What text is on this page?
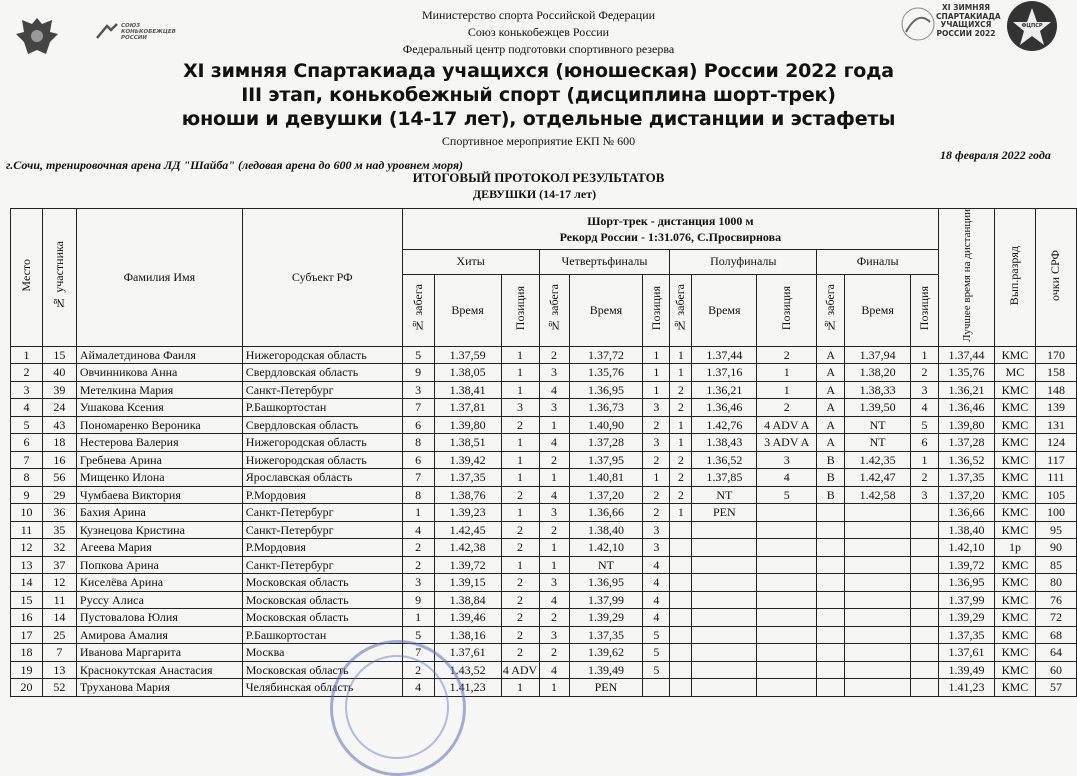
СОЮЗ КОНЬКОБЕЖЦЕВ РОССИИ
XI ЗИМНЯЯ СПАРТАКИАДА УЧАЩИХСЯ РОССИИ 2022
ФЦПСР
Министерство спорта Российской Федерации
Союз конькобежцев России
Федеральный центр подготовки спортивного резерва
XI зимняя Спартакиада учащихся (юношеская) России 2022 года
III этап, конькобежный спорт (дисциплина шорт-трек)
юноши и девушки (14-17 лет), отдельные дистанции и эстафеты
Спортивное мероприятие ЕКП № 600
18 февраля 2022 года
г.Сочи, тренировочная арена ЛД "Шайба" (ледовая арена до 600 м над уровнем моря)
ИТОГОВЫЙ ПРОТОКОЛ РЕЗУЛЬТАТОВ
ДЕВУШКИ (14-17 лет)
Место	№ участника	Фамилия Имя	Субъект РФ	Шорт-трек - дистанция 1000 м
Рекорд России - 1:31.076, С.Просвирнова												Лучшее время на дистанции	Вып.разряд	очки СРФ
				Хиты			Четвертьфиналы			Полуфиналы			Финалы					
				№ забега	Время	Позиция	№ забега	Время	Позиция	№ забега	Время	Позиция	№ забега	Время	Позиция			
1	15	Аймалетдинова Фаиля	Нижегородская область	5	1.37,59	1	2	1.37,72	1	1	1.37,44	2	A	1.37,94	1	1.37,44	КМС	170
2	40	Овчинникова Анна	Свердловская область	9	1.38,05	1	3	1.35,76	1	1	1.37,16	1	A	1.38,20	2	1.35,76	МС	158
3	39	Метелкина Мария	Санкт-Петербург	3	1.38,41	1	4	1.36,95	1	2	1.36,21	1	A	1.38,33	3	1.36,21	КМС	148
4	24	Ушакова Ксения	Р.Башкортостан	7	1.37,81	3	3	1.36,73	3	2	1.36,46	2	A	1.39,50	4	1.36,46	КМС	139
5	43	Пономаренко Вероника	Свердловская область	6	1.39,80	2	1	1.40,90	2	1	1.42,76	4 ADV A	A	NT	5	1.39,80	КМС	131
6	18	Нестерова Валерия	Нижегородская область	8	1.38,51	1	4	1.37,28	3	1	1.38,43	3 ADV A	A	NT	6	1.37,28	КМС	124
7	16	Гребнева Арина	Нижегородская область	6	1.39,42	1	2	1.37,95	2	2	1.36,52	3	B	1.42,35	1	1.36,52	КМС	117
8	56	Мищенко Илона	Ярославская область	7	1.37,35	1	1	1.40,81	1	2	1.37,85	4	B	1.42,47	2	1.37,35	КМС	111
9	29	Чумбаева Виктория	Р.Мордовия	8	1.38,76	2	4	1.37,20	2	2	NT	5	B	1.42,58	3	1.37,20	КМС	105
10	36	Бахия Арина	Санкт-Петербург	1	1.39,23	1	3	1.36,66	2	1	PEN					1.36,66	КМС	100
11	35	Кузнецова Кристина	Санкт-Петербург	4	1.42,45	2	2	1.38,40	3							1.38,40	КМС	95
12	32	Агеева Мария	Р.Мордовия	2	1.42,38	2	1	1.42,10	3							1.42,10	1р	90
13	37	Попкова Арина	Санкт-Петербург	2	1.39,72	1	1	NT	4							1.39,72	КМС	85
14	12	Киселёва Арина	Московская область	3	1.39,15	2	3	1.36,95	4							1.36,95	КМС	80
15	11	Руссу Алиса	Московская область	9	1.38,84	2	4	1.37,99	4							1.37,99	КМС	76
16	14	Пустовалова Юлия	Московская область	1	1.39,46	2	2	1.39,29	4							1.39,29	КМС	72
17	25	Амирова Амалия	Р.Башкортостан	5	1.38,16	2	3	1.37,35	5							1.37,35	КМС	68
18	7	Иванова Маргарита	Москва	7	1.37,61	2	2	1.39,62	5							1.37,61	КМС	64
19	13	Краснокутская Анастасия	Московская область	2	1.43,52	4 ADV	4	1.39,49	5							1.39,49	КМС	60
20	52	Труханова Мария	Челябинская область	4	1.41,23	1	1	PEN								1.41,23	КМС	57
